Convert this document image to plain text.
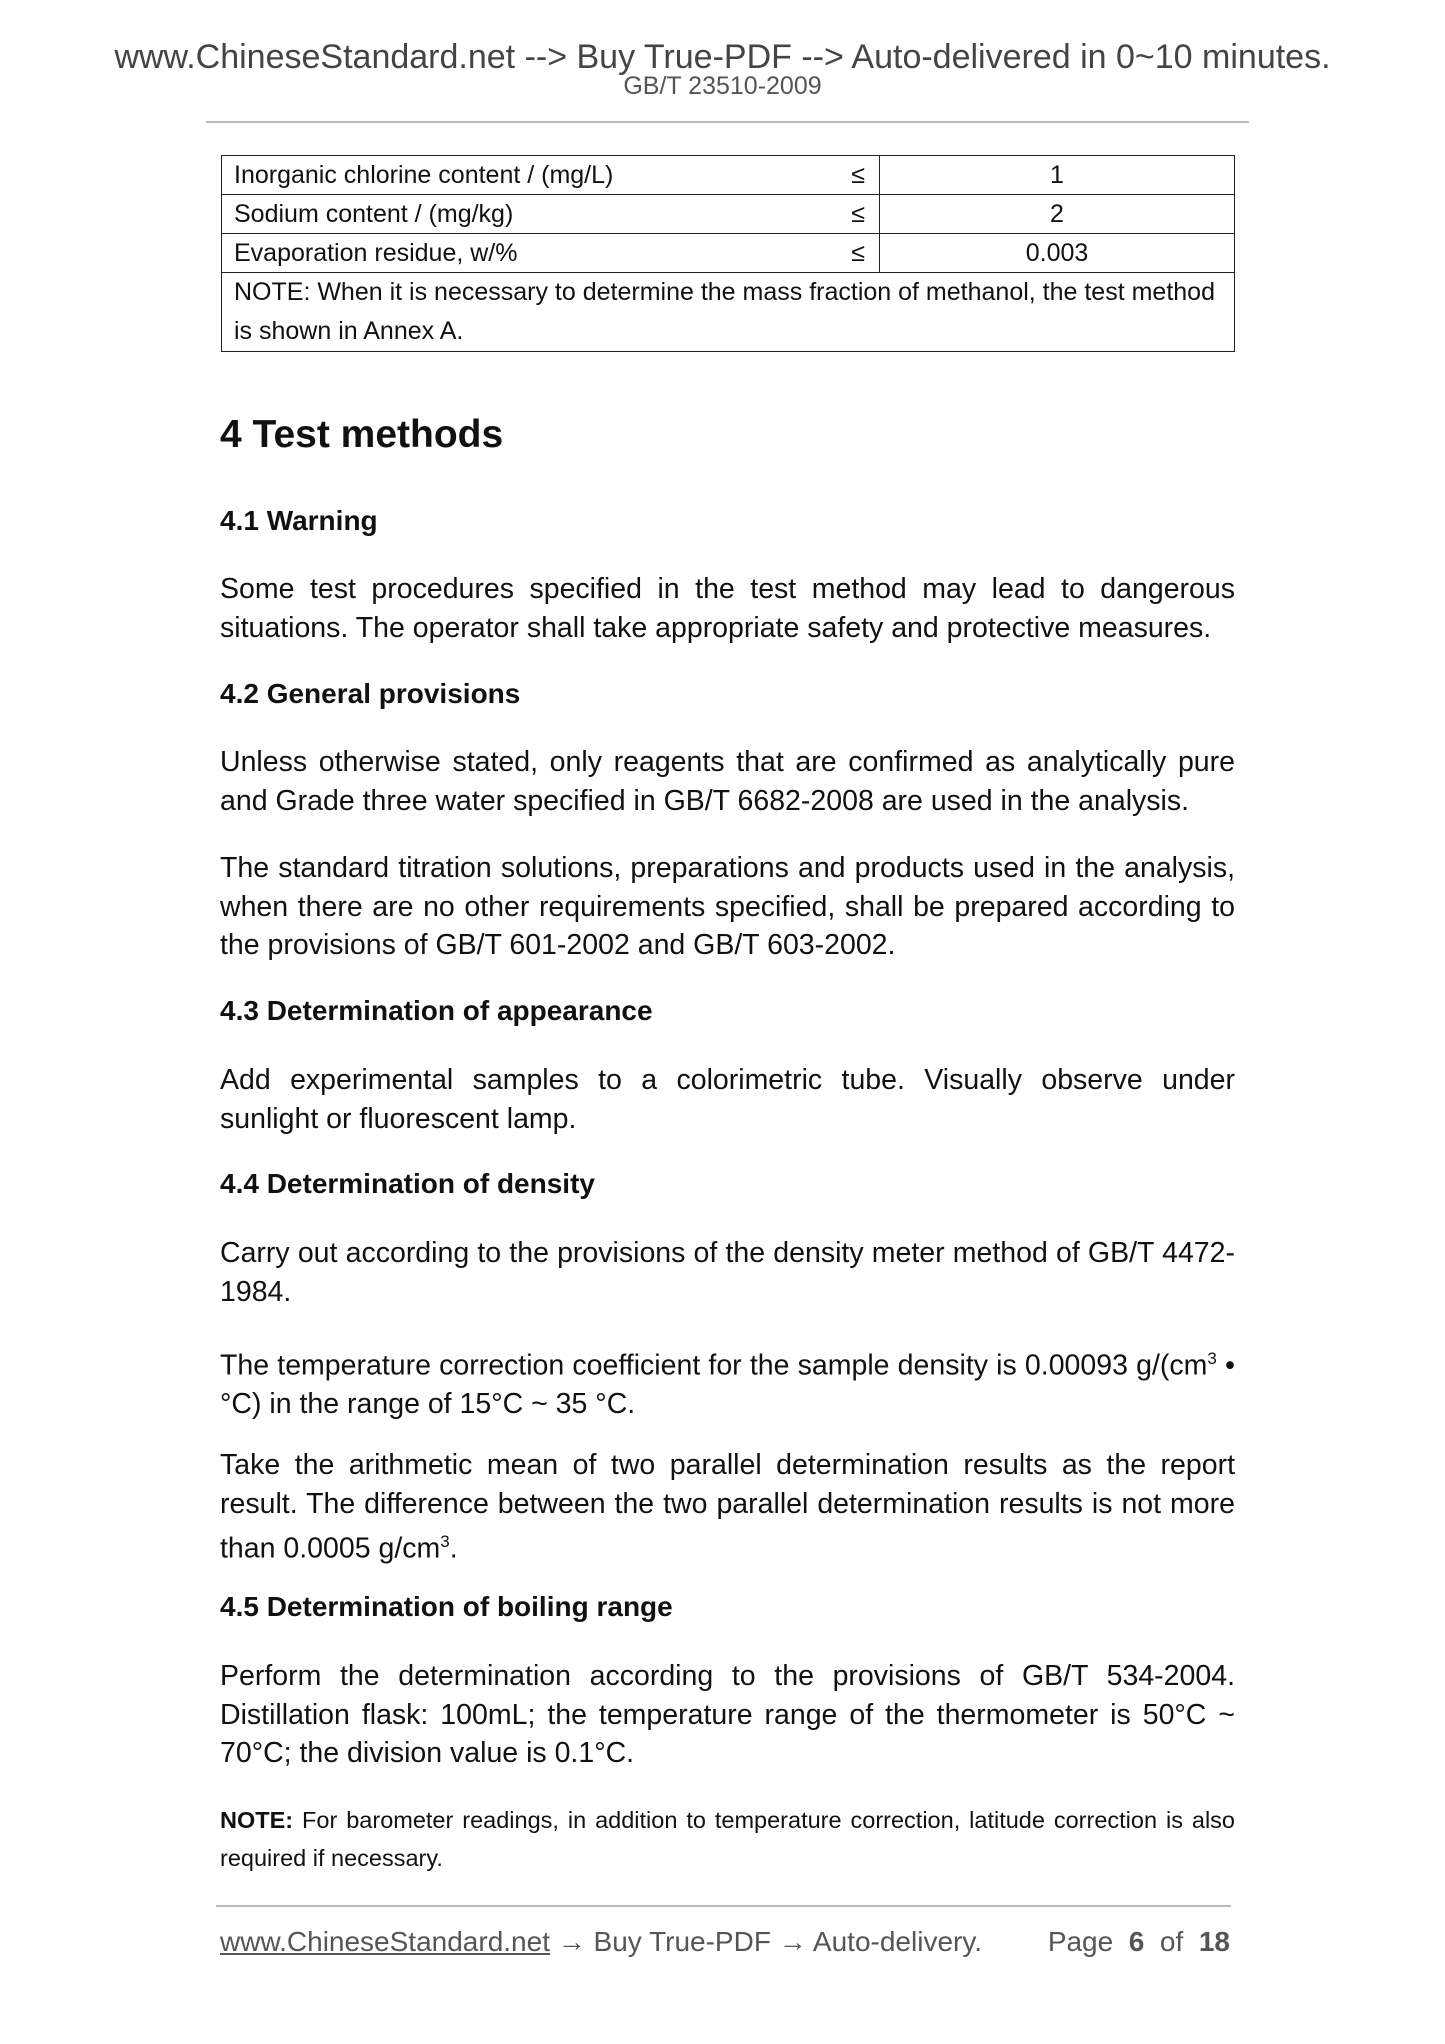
www.ChineseStandard.net --> Buy True-PDF --> Auto-delivered in 0~10 minutes.
GB/T 23510-2009
Inorganic chlorine content / (mg/L)	≤	1
Sodium content / (mg/kg)	≤	2
Evaporation residue, w/%	≤	0.003
NOTE: When it is necessary to determine the mass fraction of methanol, the test method is shown in Annex A.		
4 Test methods
4.1 Warning
Some test procedures specified in the test method may lead to dangerous situations. The operator shall take appropriate safety and protective measures.
4.2 General provisions
Unless otherwise stated, only reagents that are confirmed as analytically pure and Grade three water specified in GB/T 6682-2008 are used in the analysis.
The standard titration solutions, preparations and products used in the analysis, when there are no other requirements specified, shall be prepared according to the provisions of GB/T 601-2002 and GB/T 603-2002.
4.3 Determination of appearance
Add experimental samples to a colorimetric tube. Visually observe under sunlight or fluorescent lamp.
4.4 Determination of density
Carry out according to the provisions of the density meter method of GB/T 4472-1984.
The temperature correction coefficient for the sample density is 0.00093 $g/(cm^3$ • °C) in the range of 15°C ~ 35 °C.
Take the arithmetic mean of two parallel determination results as the report result. The difference between the two parallel determination results is not more than 0.0005 $g/cm^3$.
4.5 Determination of boiling range
Perform the determination according to the provisions of GB/T 534-2004. Distillation flask: 100mL; the temperature range of the thermometer is 50°C ~ 70°C; the division value is 0.1°C.
NOTE: For barometer readings, in addition to temperature correction, latitude correction is also required if necessary.
www.ChineseStandard.net → Buy True-PDF → Auto-delivery. Page 6 of 18
